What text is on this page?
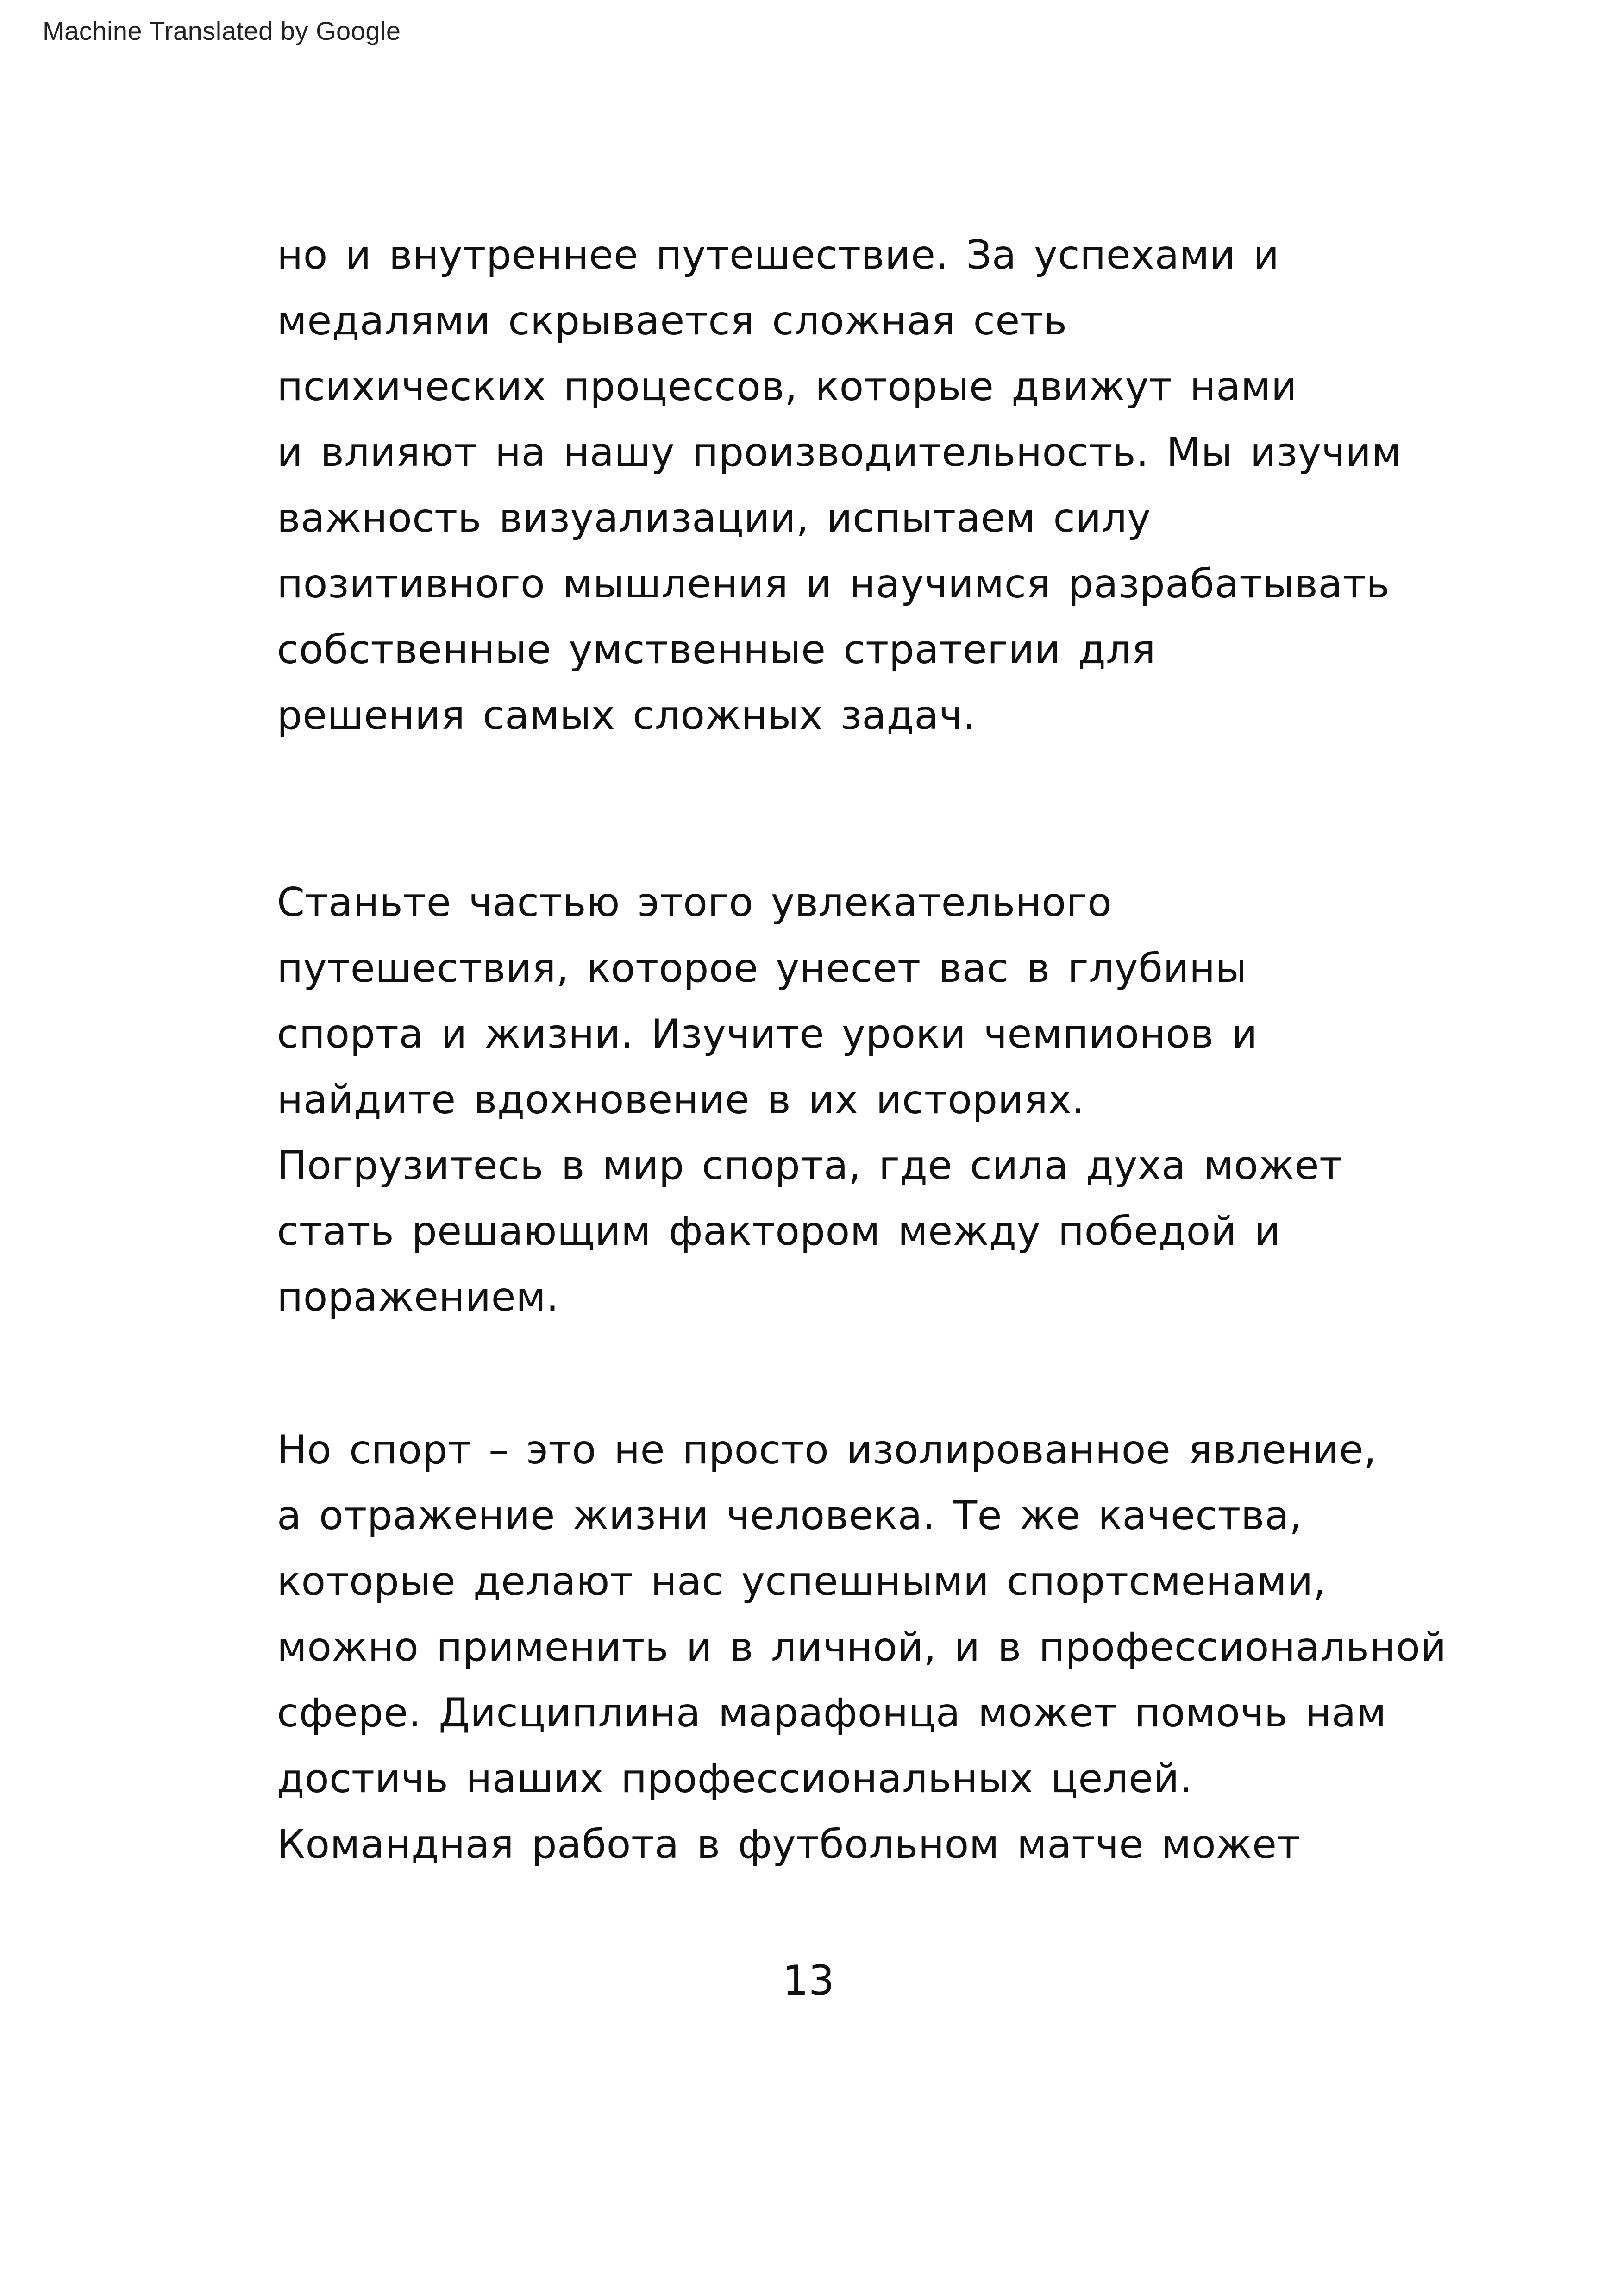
Machine Translated by Google
но и внутреннее путешествие. За успехами и
медалями скрывается сложная сеть
психических процессов, которые движут нами
и влияют на нашу производительность. Мы изучим
важность визуализации, испытаем силу
позитивного мышления и научимся разрабатывать
собственные умственные стратегии для
решения самых сложных задач.
Станьте частью этого увлекательного
путешествия, которое унесет вас в глубины
спорта и жизни. Изучите уроки чемпионов и
найдите вдохновение в их историях.
Погрузитесь в мир спорта, где сила духа может
стать решающим фактором между победой и
поражением.
Но спорт – это не просто изолированное явление,
а отражение жизни человека. Те же качества,
которые делают нас успешными спортсменами,
можно применить и в личной, и в профессиональной
сфере. Дисциплина марафонца может помочь нам
достичь наших профессиональных целей.
Командная работа в футбольном матче может
13
